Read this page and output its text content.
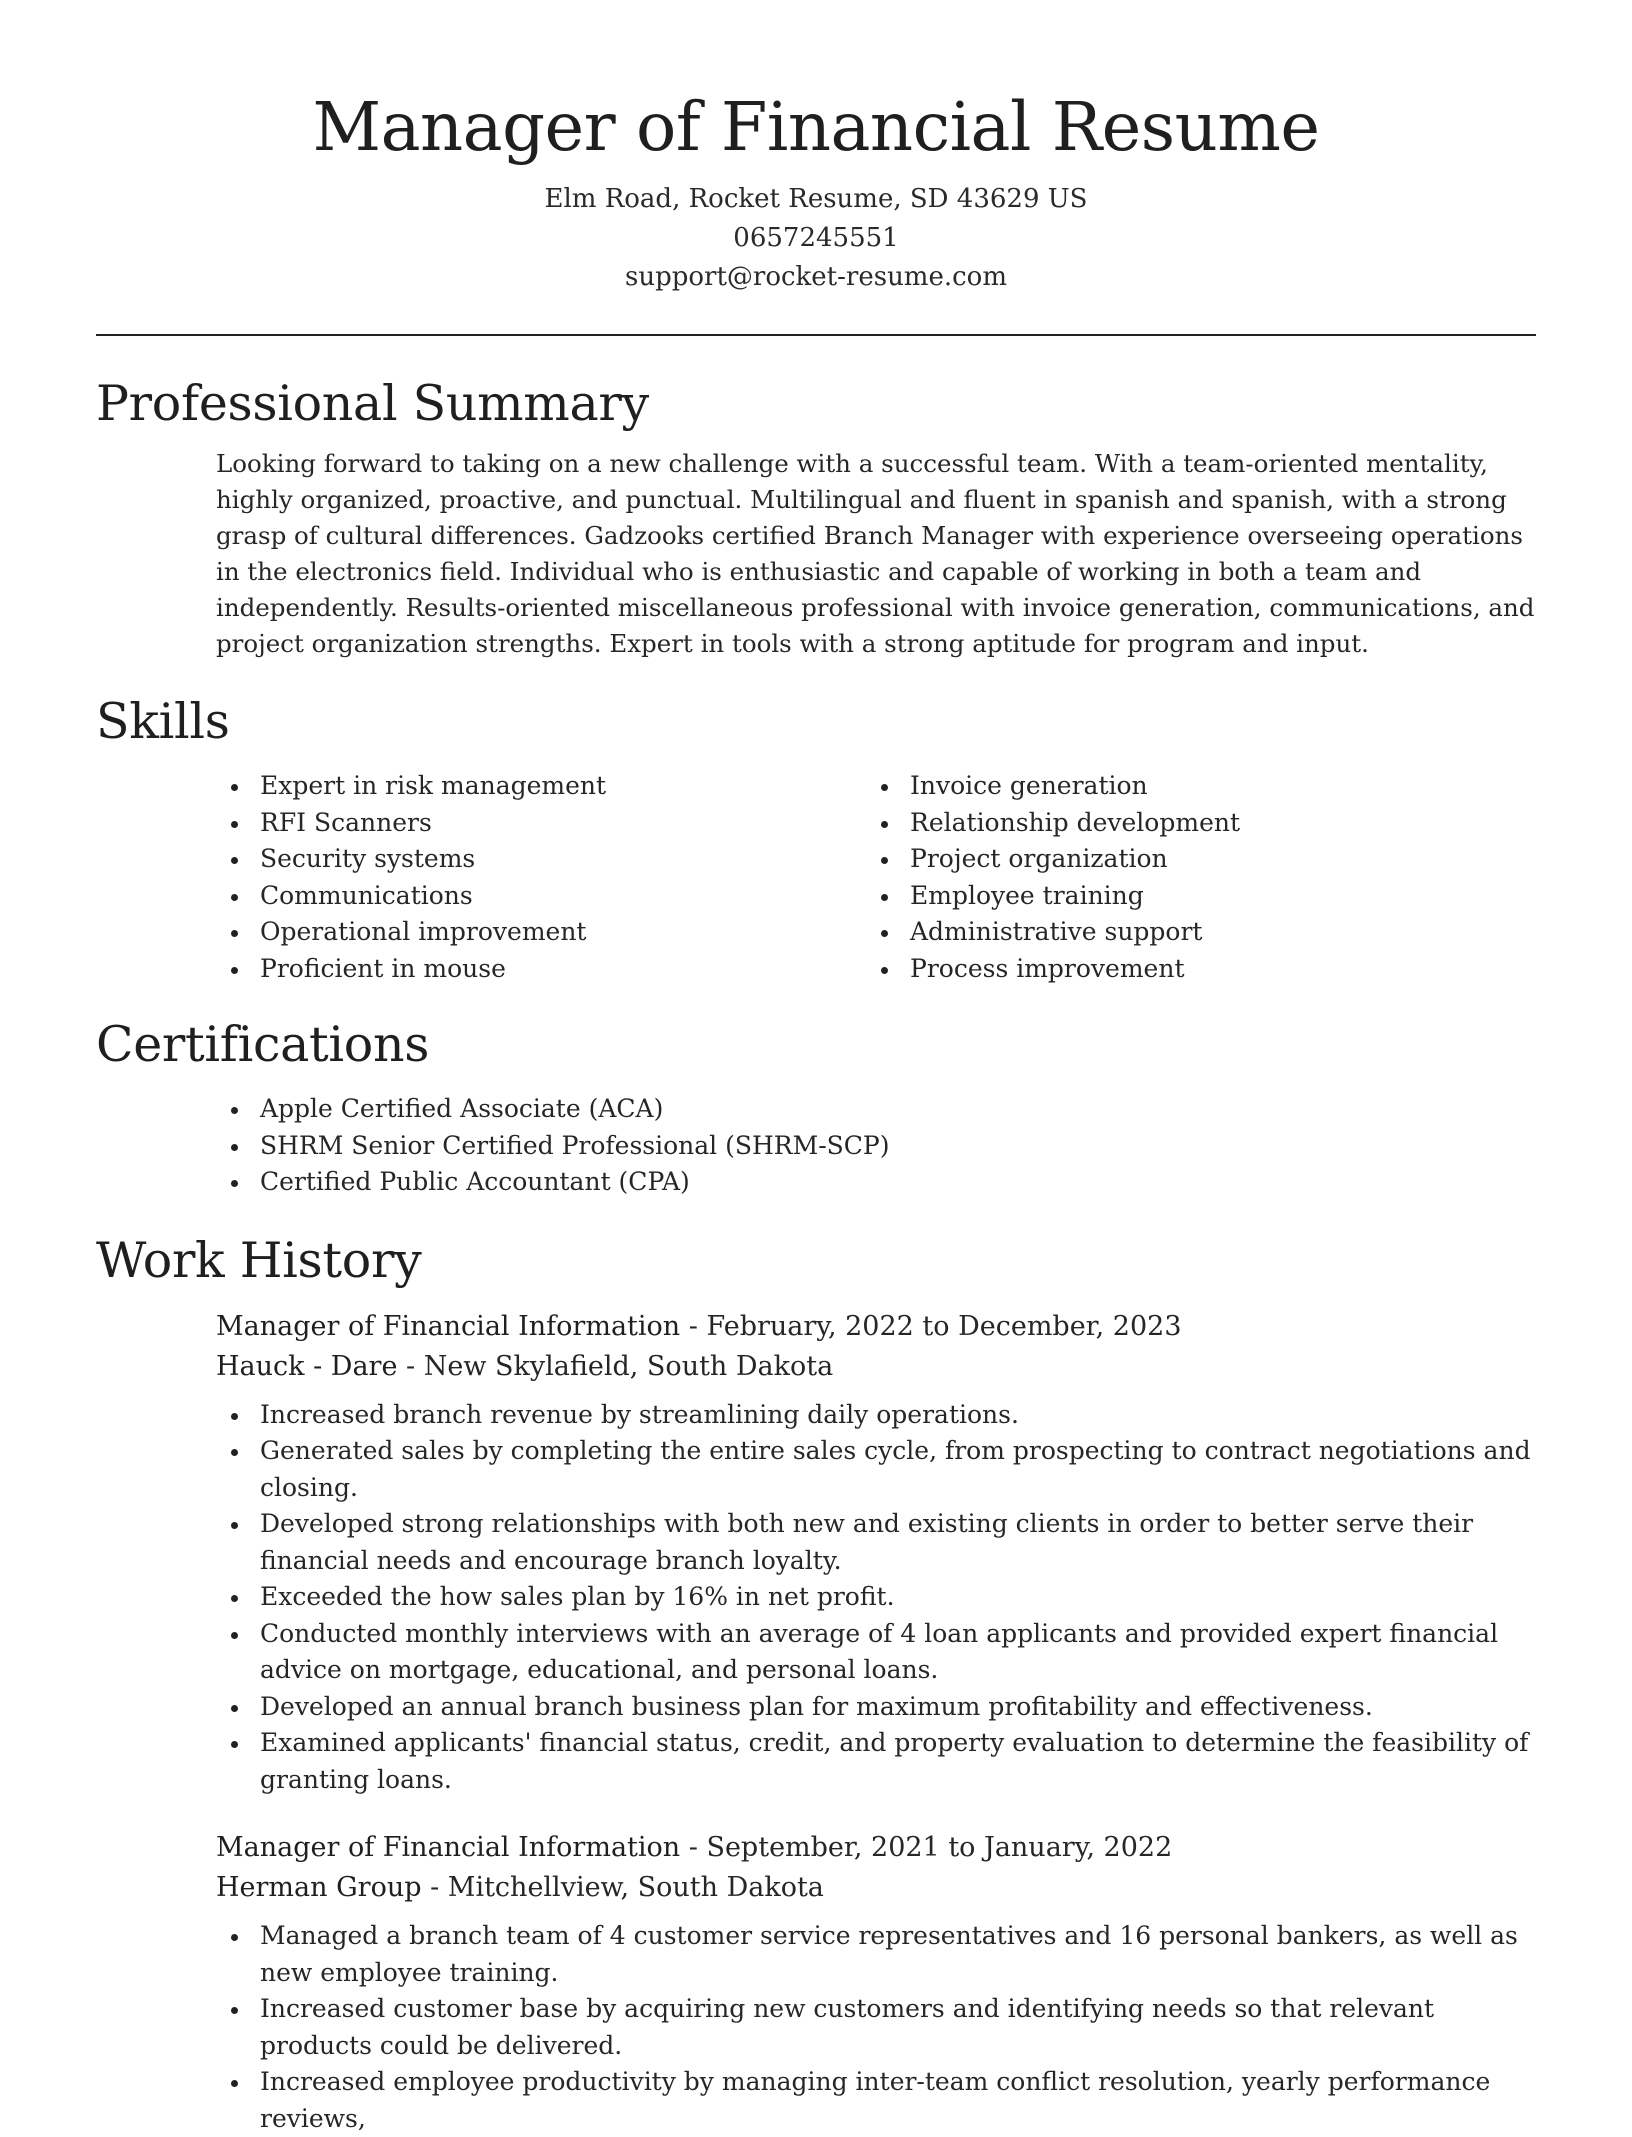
Manager of Financial Resume
Elm Road, Rocket Resume, SD 43629 US
0657245551
support@rocket-resume.com
Professional Summary

Looking forward to taking on a new challenge with a successful team. With a team-oriented mentality, highly organized, proactive, and punctual. Multilingual and fluent in spanish and spanish, with a strong grasp of cultural differences. Gadzooks certified Branch Manager with experience overseeing operations in the electronics field. Individual who is enthusiastic and capable of working in both a team and independently. Results-oriented miscellaneous professional with invoice generation, communications, and project organization strengths. Expert in tools with a strong aptitude for program and input.

Skills
Expert in risk management
RFI Scanners
Security systems
Communications
Operational improvement
Proficient in mouse
Invoice generation
Relationship development
Project organization
Employee training
Administrative support
Process improvement
Certifications
Apple Certified Associate (ACA)
SHRM Senior Certified Professional (SHRM-SCP)
Certified Public Accountant (CPA)
Work History
Manager of Financial Information - February, 2022 to December, 2023
Hauck - Dare - New Skylafield, South Dakota
Increased branch revenue by streamlining daily operations.
Generated sales by completing the entire sales cycle, from prospecting to contract negotiations and closing.
Developed strong relationships with both new and existing clients in order to better serve their financial needs and encourage branch loyalty.
Exceeded the how sales plan by 16% in net profit.
Conducted monthly interviews with an average of 4 loan applicants and provided expert financial advice on mortgage, educational, and personal loans.
Developed an annual branch business plan for maximum profitability and effectiveness.
Examined applicants' financial status, credit, and property evaluation to determine the feasibility of granting loans.
Manager of Financial Information - September, 2021 to January, 2022
Herman Group - Mitchellview, South Dakota
Managed a branch team of 4 customer service representatives and 16 personal bankers, as well as new employee training.
Increased customer base by acquiring new customers and identifying needs so that relevant products could be delivered.
Increased employee productivity by managing inter-team conflict resolution, yearly performance reviews,
